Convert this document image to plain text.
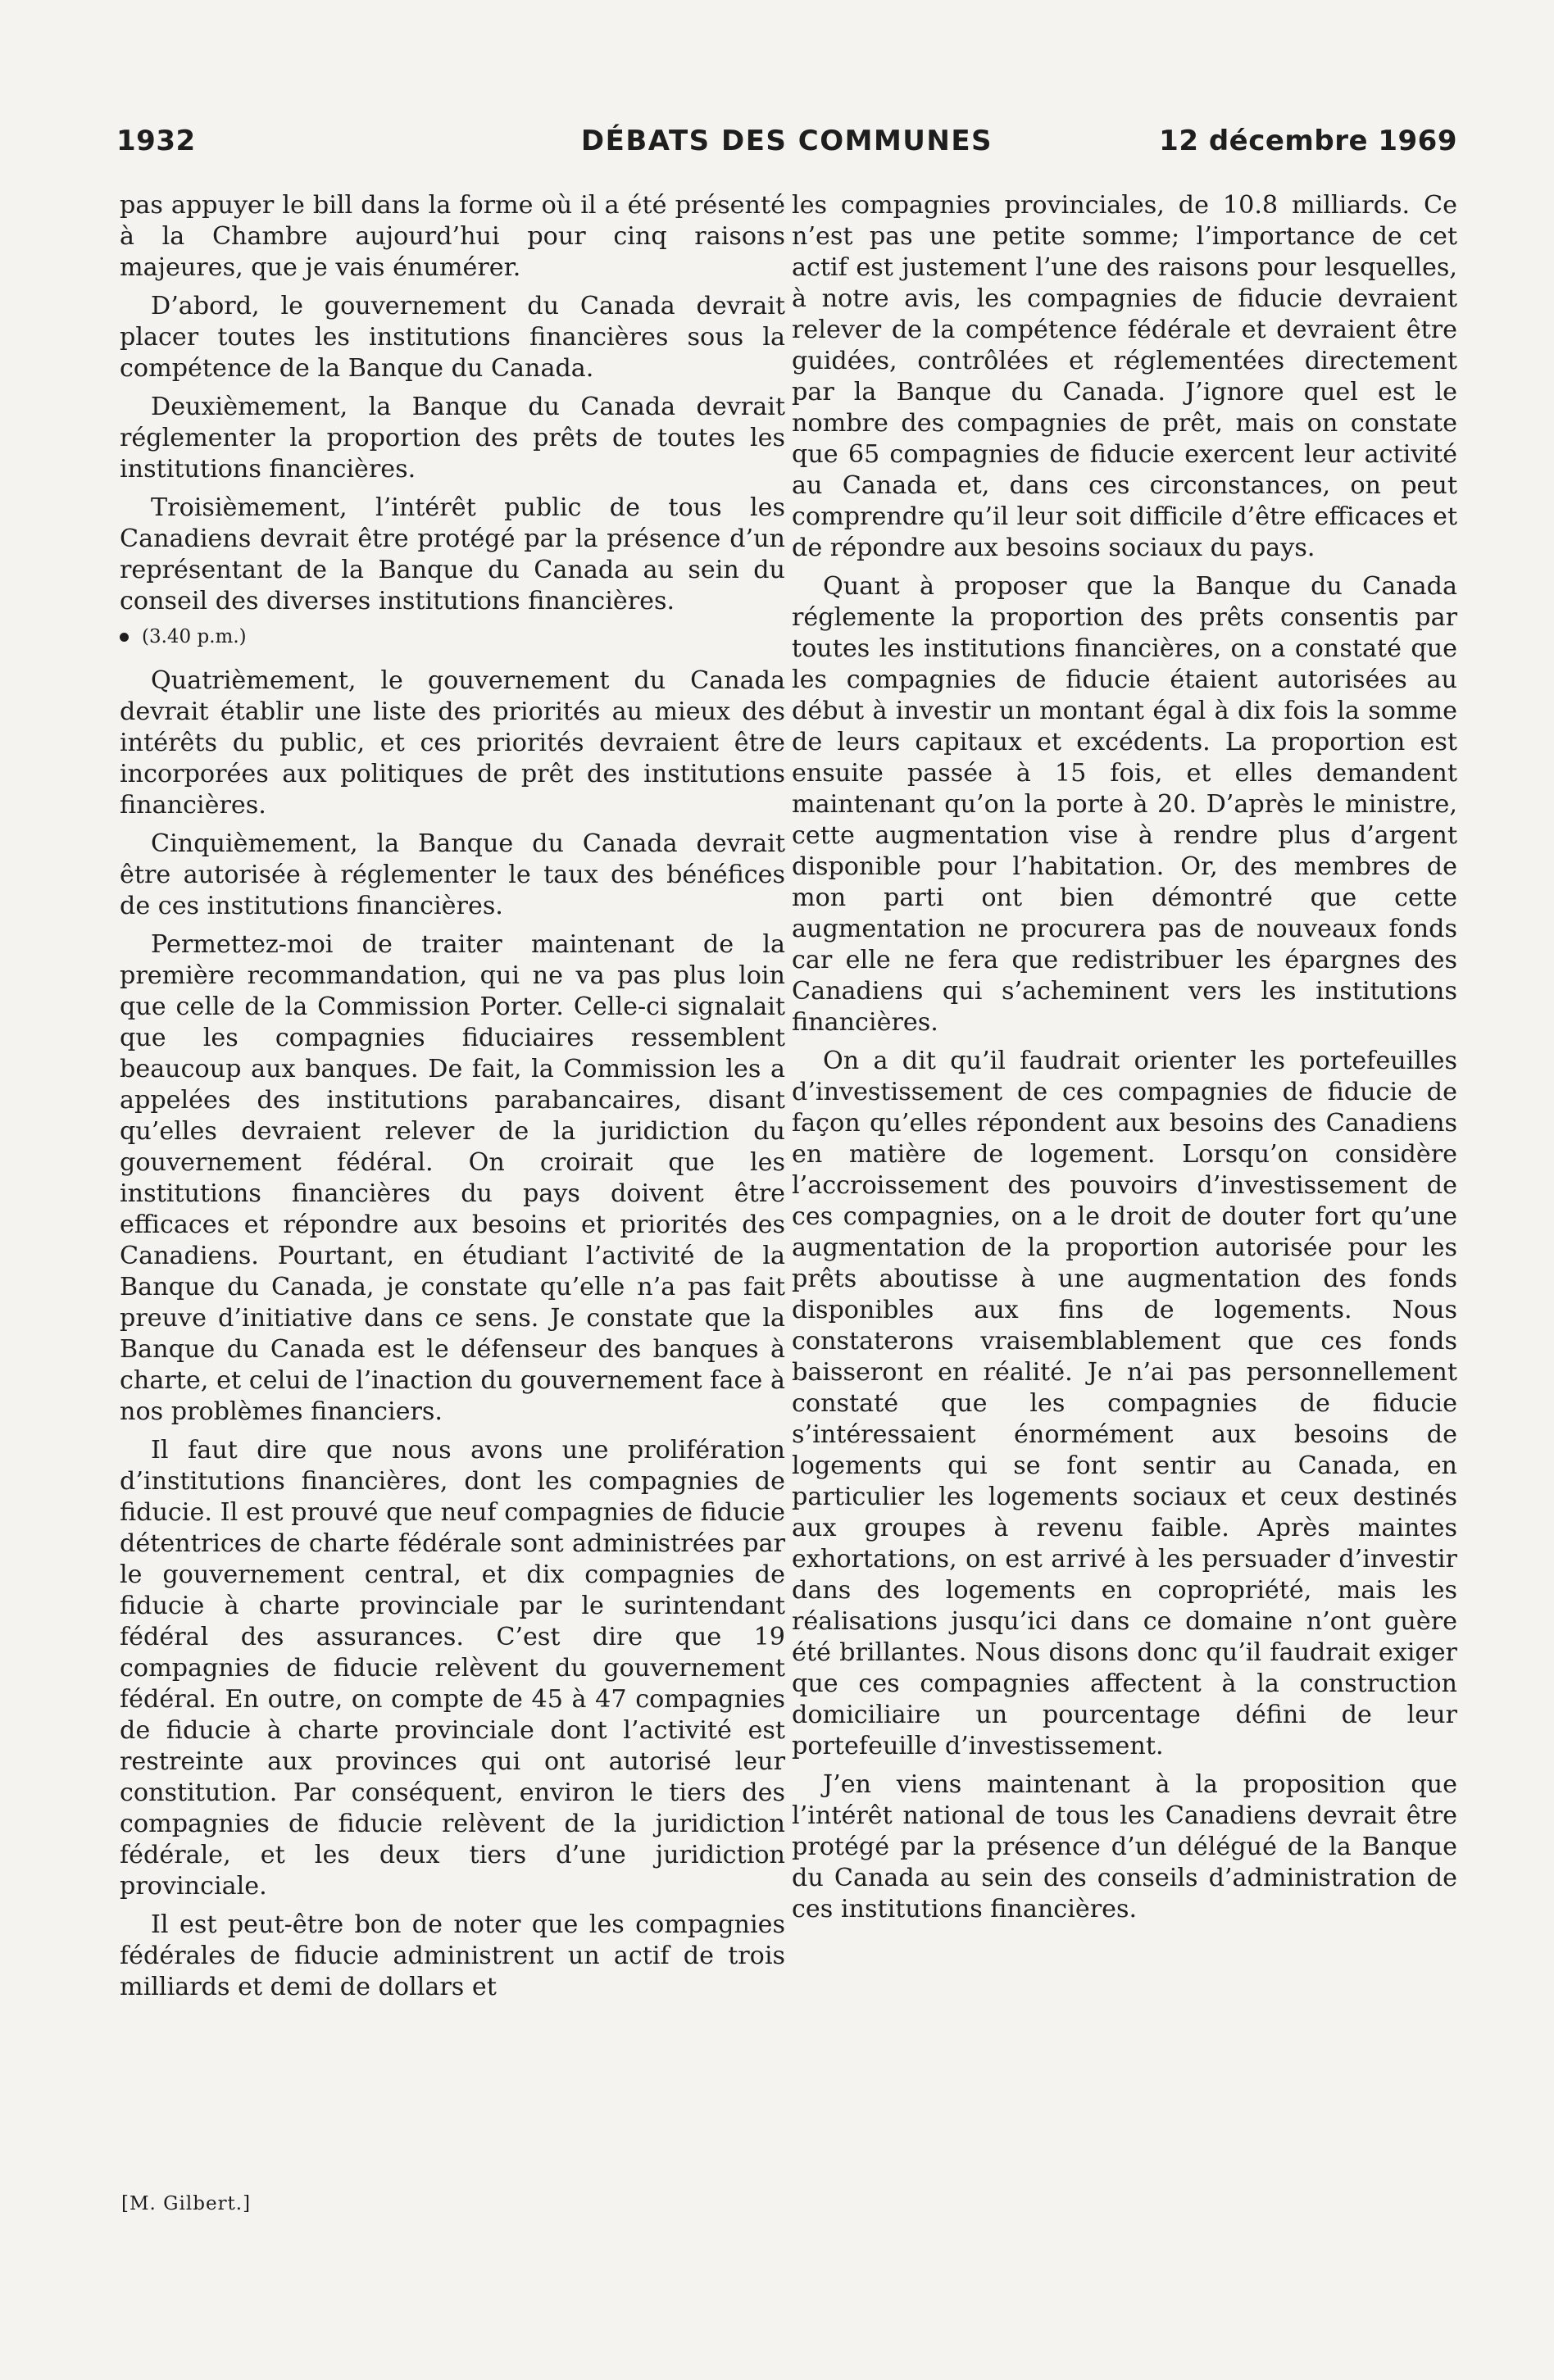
1932	DÉBATS DES COMMUNES	12 décembre 1969

pas appuyer le bill dans la forme où il a été présenté à la Chambre aujourd’hui pour cinq raisons majeures, que je vais énumérer.

D’abord, le gouvernement du Canada devrait placer toutes les institutions financières sous la compétence de la Banque du Canada.

Deuxièmement, la Banque du Canada devrait réglementer la proportion des prêts de toutes les institutions financières.

Troisièmement, l’intérêt public de tous les Canadiens devrait être protégé par la présence d’un représentant de la Banque du Canada au sein du conseil des diverses institutions financières.

(3.40 p.m.)

Quatrièmement, le gouvernement du Canada devrait établir une liste des priorités au mieux des intérêts du public, et ces priorités devraient être incorporées aux politiques de prêt des institutions financières.

Cinquièmement, la Banque du Canada devrait être autorisée à réglementer le taux des bénéfices de ces institutions financières.

Permettez-moi de traiter maintenant de la première recommandation, qui ne va pas plus loin que celle de la Commission Porter. Celle-ci signalait que les compagnies fiduciaires ressemblent beaucoup aux banques. De fait, la Commission les a appelées des institutions parabancaires, disant qu’elles devraient relever de la juridiction du gouvernement fédéral. On croirait que les institutions financières du pays doivent être efficaces et répondre aux besoins et priorités des Canadiens. Pourtant, en étudiant l’activité de la Banque du Canada, je constate qu’elle n’a pas fait preuve d’initiative dans ce sens. Je constate que la Banque du Canada est le défenseur des banques à charte, et celui de l’inaction du gouvernement face à nos problèmes financiers.

Il faut dire que nous avons une prolifération d’institutions financières, dont les compagnies de fiducie. Il est prouvé que neuf compagnies de fiducie détentrices de charte fédérale sont administrées par le gouvernement central, et dix compagnies de fiducie à charte provinciale par le surintendant fédéral des assurances. C’est dire que 19 compagnies de fiducie relèvent du gouvernement fédéral. En outre, on compte de 45 à 47 compagnies de fiducie à charte provinciale dont l’activité est restreinte aux provinces qui ont autorisé leur constitution. Par conséquent, environ le tiers des compagnies de fiducie relèvent de la juridiction fédérale, et les deux tiers d’une juridiction provinciale.

Il est peut-être bon de noter que les compagnies fédérales de fiducie administrent un actif de trois milliards et demi de dollars et

les compagnies provinciales, de 10.8 milliards. Ce n’est pas une petite somme; l’importance de cet actif est justement l’une des raisons pour lesquelles, à notre avis, les compagnies de fiducie devraient relever de la compétence fédérale et devraient être guidées, contrôlées et réglementées directement par la Banque du Canada. J’ignore quel est le nombre des compagnies de prêt, mais on constate que 65 compagnies de fiducie exercent leur activité au Canada et, dans ces circonstances, on peut comprendre qu’il leur soit difficile d’être efficaces et de répondre aux besoins sociaux du pays.

Quant à proposer que la Banque du Canada réglemente la proportion des prêts consentis par toutes les institutions financières, on a constaté que les compagnies de fiducie étaient autorisées au début à investir un montant égal à dix fois la somme de leurs capitaux et excédents. La proportion est ensuite passée à 15 fois, et elles demandent maintenant qu’on la porte à 20. D’après le ministre, cette augmentation vise à rendre plus d’argent disponible pour l’habitation. Or, des membres de mon parti ont bien démontré que cette augmentation ne procurera pas de nouveaux fonds car elle ne fera que redistribuer les épargnes des Canadiens qui s’acheminent vers les institutions financières.

On a dit qu’il faudrait orienter les portefeuilles d’investissement de ces compagnies de fiducie de façon qu’elles répondent aux besoins des Canadiens en matière de logement. Lorsqu’on considère l’accroissement des pouvoirs d’investissement de ces compagnies, on a le droit de douter fort qu’une augmentation de la proportion autorisée pour les prêts aboutisse à une augmentation des fonds disponibles aux fins de logements. Nous constaterons vraisemblablement que ces fonds baisseront en réalité. Je n’ai pas personnellement constaté que les compagnies de fiducie s’intéressaient énormément aux besoins de logements qui se font sentir au Canada, en particulier les logements sociaux et ceux destinés aux groupes à revenu faible. Après maintes exhortations, on est arrivé à les persuader d’investir dans des logements en copropriété, mais les réalisations jusqu’ici dans ce domaine n’ont guère été brillantes. Nous disons donc qu’il faudrait exiger que ces compagnies affectent à la construction domiciliaire un pourcentage défini de leur portefeuille d’investissement.

J’en viens maintenant à la proposition que l’intérêt national de tous les Canadiens devrait être protégé par la présence d’un délégué de la Banque du Canada au sein des conseils d’administration de ces institutions financières.

[M. Gilbert.]
